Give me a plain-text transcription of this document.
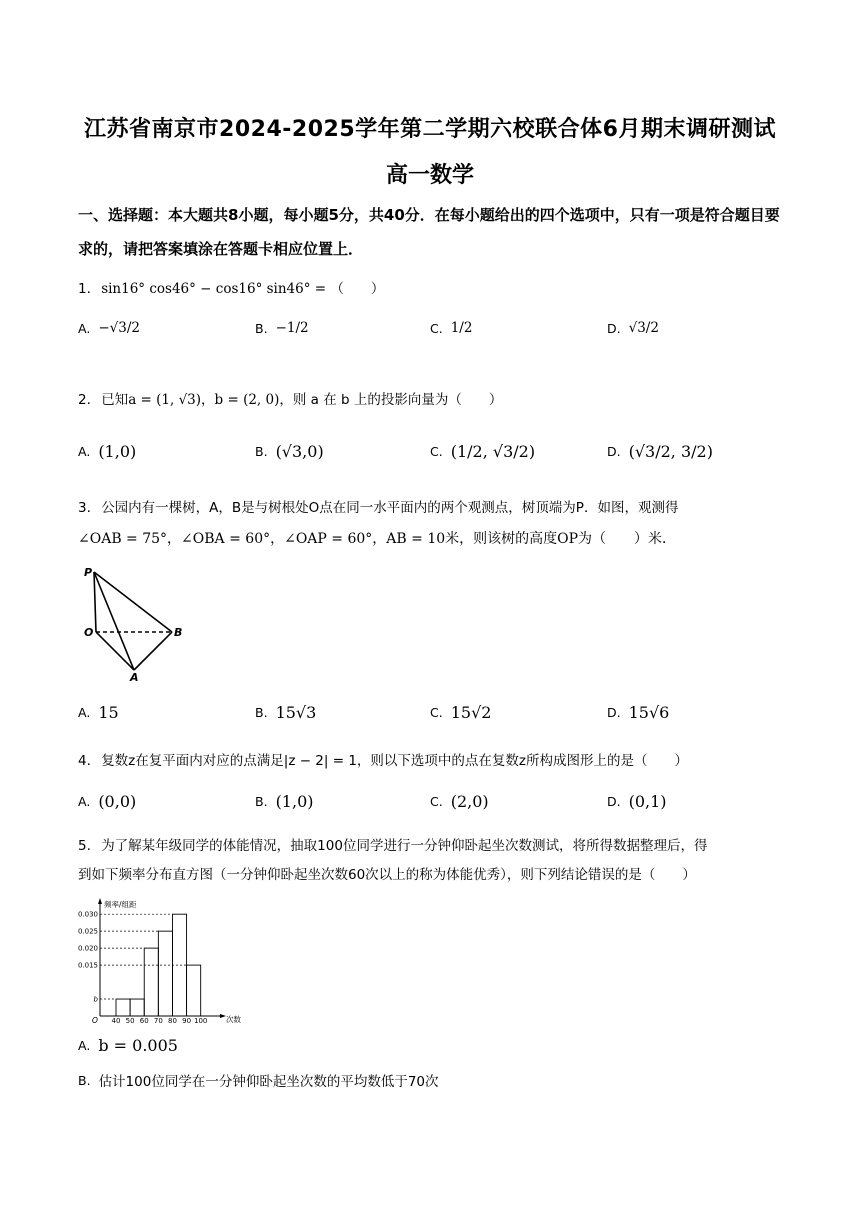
江苏省南京市2024-2025学年第二学期六校联合体6月期末调研测试
高一数学
一、选择题：本大题共8小题，每小题5分，共40分．在每小题给出的四个选项中，只有一项是符合题目要求的，请把答案填涂在答题卡相应位置上．
1. sin16° cos46° − cos16° sin46° = （　　）
A. −√3/2	B. −1/2	C. 1/2	D. √3/2
2. 已知a = (1, √3)，b = (2, 0)，则 a 在 b 上的投影向量为（　　）
A. (1,0)	B. (√3,0)	C. (1/2, √3/2)	D. (√3/2, 3/2)
3. 公园内有一棵树，A，B是与树根处O点在同一水平面内的两个观测点，树顶端为P．如图，观测得
∠OAB = 75°，∠OBA = 60°，∠OAP = 60°，AB = 10米，则该树的高度OP为（　　）米．
P
O	B
A
A. 15	B. 15√3	C. 15√2	D. 15√6
4. 复数z在复平面内对应的点满足|z − 2| = 1，则以下选项中的点在复数z所构成图形上的是（　　）
A. (0,0)	B. (1,0)	C. (2,0)	D. (0,1)
5. 为了解某年级同学的体能情况，抽取100位同学进行一分钟仰卧起坐次数测试，将所得数据整理后，得
到如下频率分布直方图（一分钟仰卧起坐次数60次以上的称为体能优秀），则下列结论错误的是（　　）
频率/组距
次数
O
0.030
0.025
0.020
0.015
b
40 50 60 70 80 90 100
A. b = 0.005
B. 估计100位同学在一分钟仰卧起坐次数的平均数低于70次
